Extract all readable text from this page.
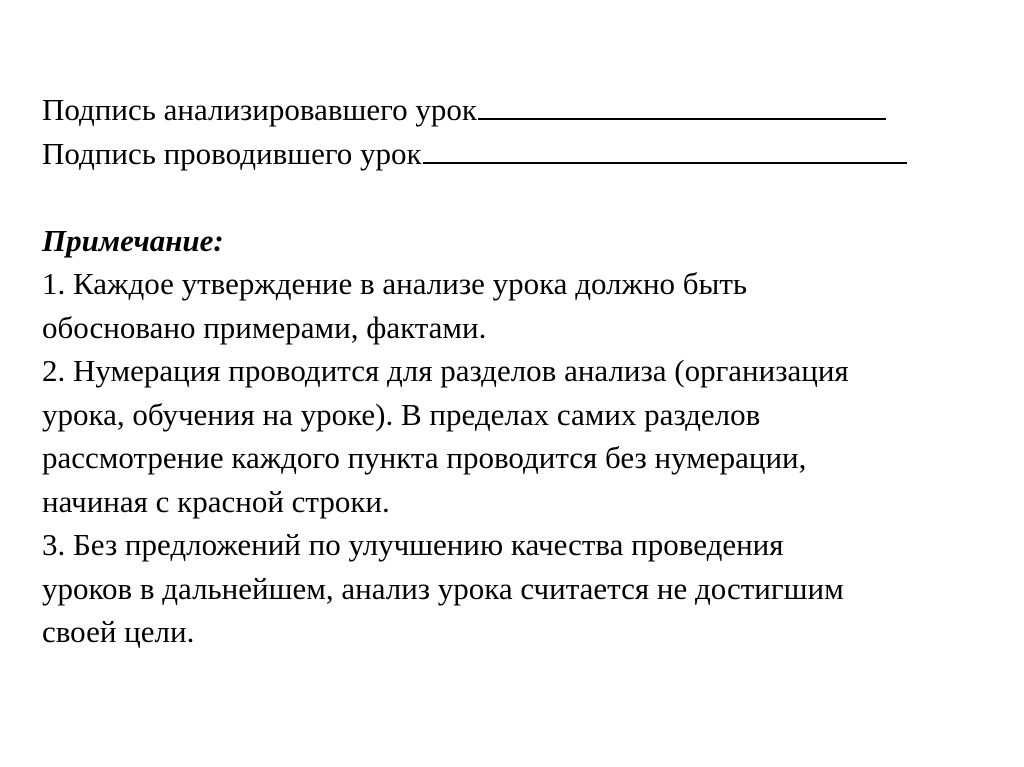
Подпись анализировавшего урок

Подпись проводившего урок

Примечание:

1. Каждое утверждение в анализе урока должно быть

обосновано примерами, фактами.

2. Нумерация проводится для разделов анализа (организация

урока, обучения на уроке). В пределах самих разделов

рассмотрение каждого пункта проводится без нумерации,

начиная с красной строки.

3. Без предложений по улучшению качества проведения

уроков в дальнейшем, анализ урока считается не достигшим

своей цели.
